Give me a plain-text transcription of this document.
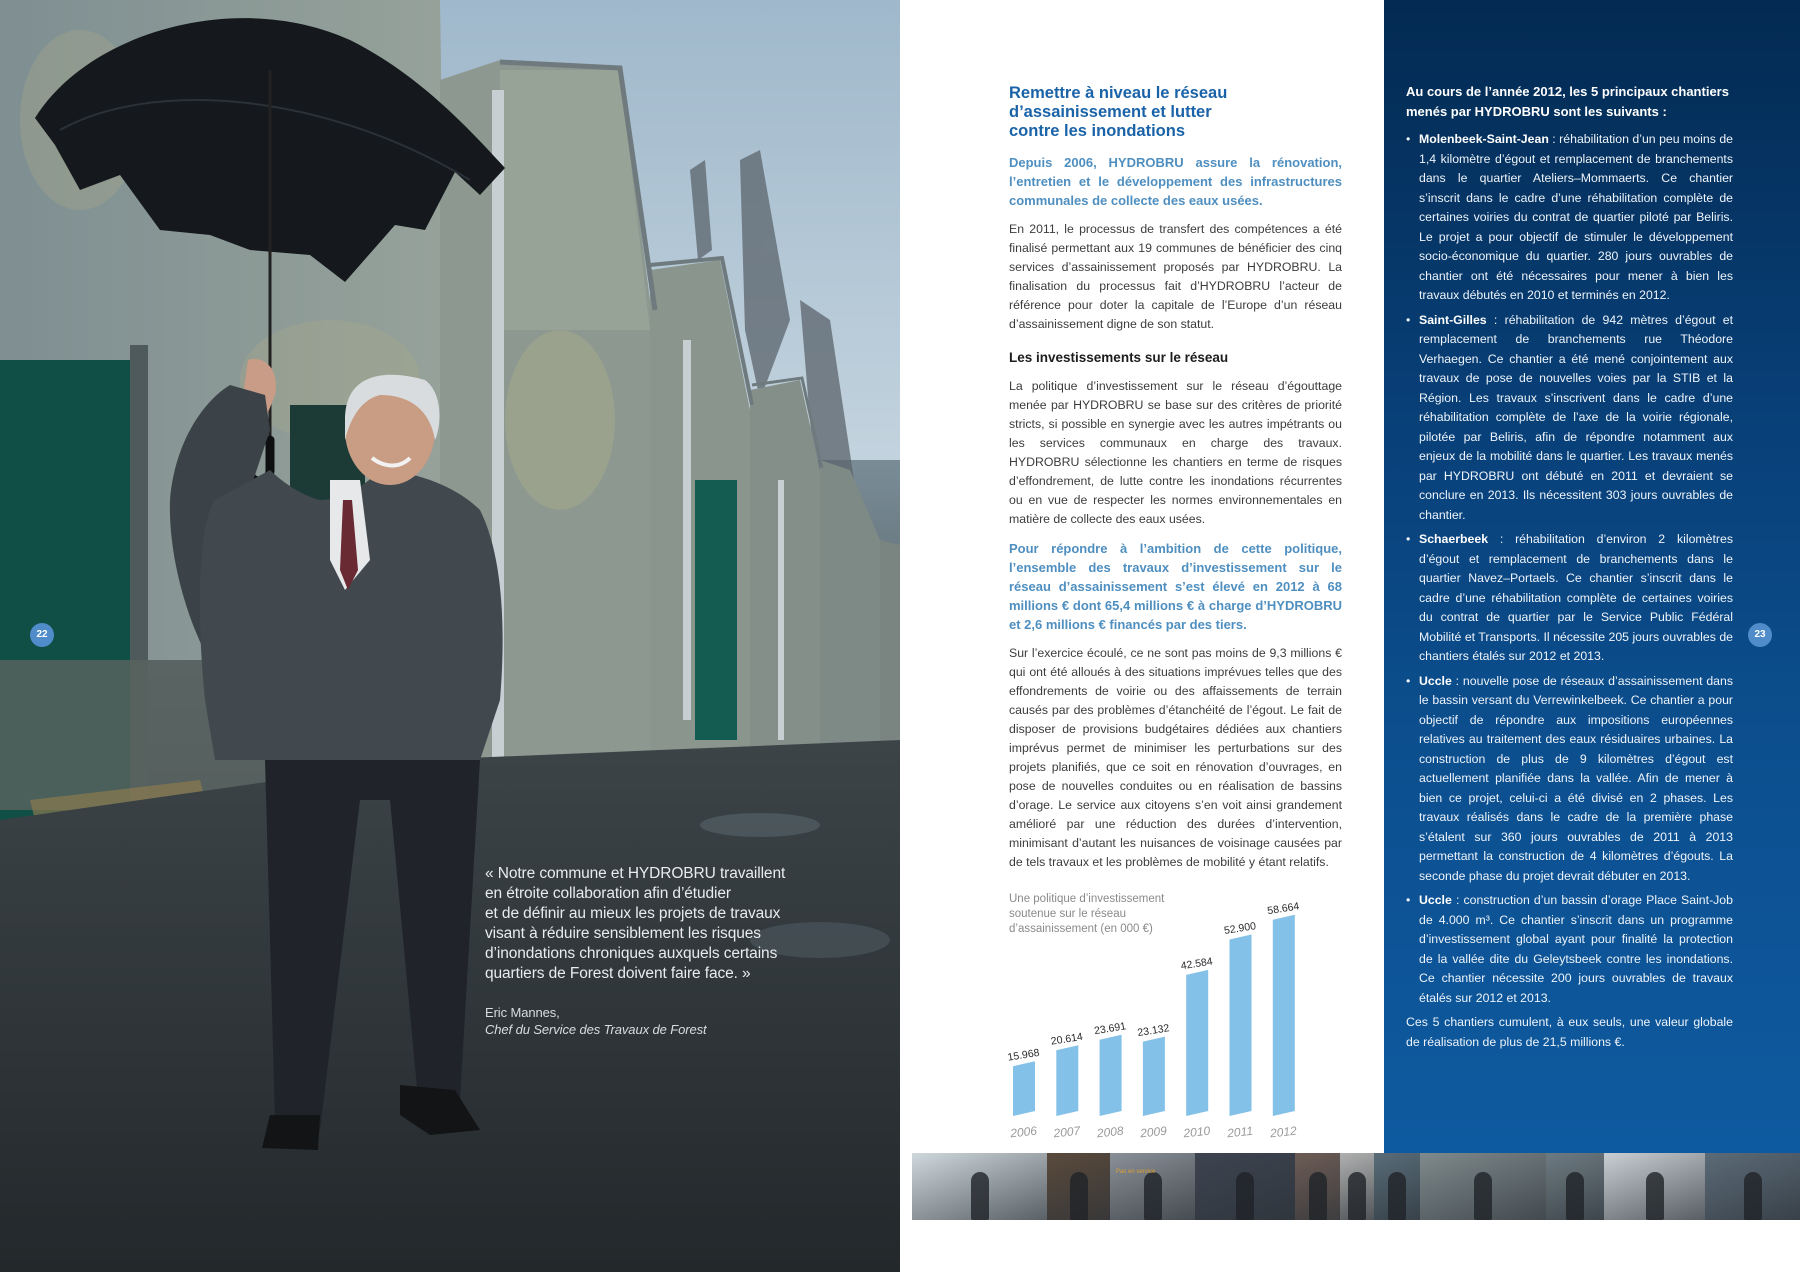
22

« Notre commune et HYDROBRU travaillent

en étroite collaboration afin d’étudier

et de définir au mieux les projets de travaux

visant à réduire sensiblement les risques

d’inondations chroniques auxquels certains

quartiers de Forest doivent faire face. »

Eric Mannes,

Chef du Service des Travaux de Forest

Remettre à niveau le réseau
d’assainissement et lutter
contre les inondations

Depuis 2006, HYDROBRU assure la rénovation, l’entretien et le développement des infrastructures communales de collecte des eaux usées.

En 2011, le processus de transfert des compétences a été finalisé permettant aux 19 communes de bénéficier des cinq services d’assainissement proposés par HYDROBRU. La finalisation du processus fait d’HYDROBRU l’acteur de référence pour doter la capitale de l’Europe d’un réseau d’assainissement digne de son statut.

Les investissements sur le réseau

La politique d’investissement sur le réseau d’égouttage menée par HYDROBRU se base sur des critères de priorité stricts, si possible en synergie avec les autres impétrants ou les services communaux en charge des travaux. HYDROBRU sélectionne les chantiers en terme de risques d’effondrement, de lutte contre les inondations récurrentes ou en vue de respecter les normes environnementales en matière de collecte des eaux usées.

Pour répondre à l’ambition de cette politique, l’ensemble des travaux d’investissement sur le réseau d’assainissement s’est élevé en 2012 à 68 millions € dont 65,4 millions € à charge d’HYDROBRU et 2,6 millions € financés par des tiers.

Sur l’exercice écoulé, ce ne sont pas moins de 9,3 millions € qui ont été alloués à des situations imprévues telles que des effondrements de voirie ou des affaissements de terrain causés par des problèmes d’étanchéité de l’égout. Le fait de disposer de provisions budgétaires dédiées aux chantiers imprévus permet de minimiser les perturbations sur des projets planifiés, que ce soit en rénovation d’ouvrages, en pose de nouvelles conduites ou en réalisation de bassins d’orage. Le service aux citoyens s’en voit ainsi grandement amélioré par une réduction des durées d’intervention, minimisant d’autant les nuisances de voisinage causées par de tels travaux et les problèmes de mobilité y étant relatifs.

Une politique d’investissement
soutenue sur le réseau
d’assainissement (en 000 €)
15.968
2006
20.614
2007
23.691
2008
23.132
2009
42.584
2010
52.900
2011
58.664
2012

Au cours de l’année 2012, les 5 principaux chantiers menés par HYDROBRU sont les suivants :

• Molenbeek-Saint-Jean : réhabilitation d’un peu moins de 1,4 kilomètre d’égout et remplacement de branchements dans le quartier Ateliers–Mommaerts. Ce chantier s’inscrit dans le cadre d’une réhabilitation complète de certaines voiries du contrat de quartier piloté par Beliris. Le projet a pour objectif de stimuler le développement socio-économique du quartier. 280 jours ouvrables de chantier ont été nécessaires pour mener à bien les travaux débutés en 2010 et terminés en 2012.
• Saint-Gilles : réhabilitation de 942 mètres d’égout et remplacement de branchements rue Théodore Verhaegen. Ce chantier a été mené conjointement aux travaux de pose de nouvelles voies par la STIB et la Région. Les travaux s’inscrivent dans le cadre d’une réhabilitation complète de l’axe de la voirie régionale, pilotée par Beliris, afin de répondre notamment aux enjeux de la mobilité dans le quartier. Les travaux menés par HYDROBRU ont débuté en 2011 et devraient se conclure en 2013. Ils nécessitent 303 jours ouvrables de chantier.
• Schaerbeek : réhabilitation d’environ 2 kilomètres d’égout et remplacement de branchements dans le quartier Navez–Portaels. Ce chantier s’inscrit dans le cadre d’une réhabilitation complète de certaines voiries du contrat de quartier par le Service Public Fédéral Mobilité et Transports. Il nécessite 205 jours ouvrables de chantiers étalés sur 2012 et 2013.
• Uccle : nouvelle pose de réseaux d’assainissement dans le bassin versant du Verrewinkelbeek. Ce chantier a pour objectif de répondre aux impositions européennes relatives au traitement des eaux résiduaires urbaines. La construction de plus de 9 kilomètres d’égout est actuellement planifiée dans la vallée. Afin de mener à bien ce projet, celui-ci a été divisé en 2 phases. Les travaux réalisés dans le cadre de la première phase s’étalent sur 360 jours ouvrables de 2011 à 2013 permettant la construction de 4 kilomètres d’égouts. La seconde phase du projet devrait débuter en 2013.
• Uccle : construction d’un bassin d’orage Place Saint-Job de 4.000 m³. Ce chantier s’inscrit dans un programme d’investissement global ayant pour finalité la protection de la vallée dite du Geleytsbeek contre les inondations. Ce chantier nécessite 200 jours ouvrables de travaux étalés sur 2012 et 2013.

Ces 5 chantiers cumulent, à eux seuls, une valeur globale de réalisation de plus de 21,5 millions €.

23
Pas en service
